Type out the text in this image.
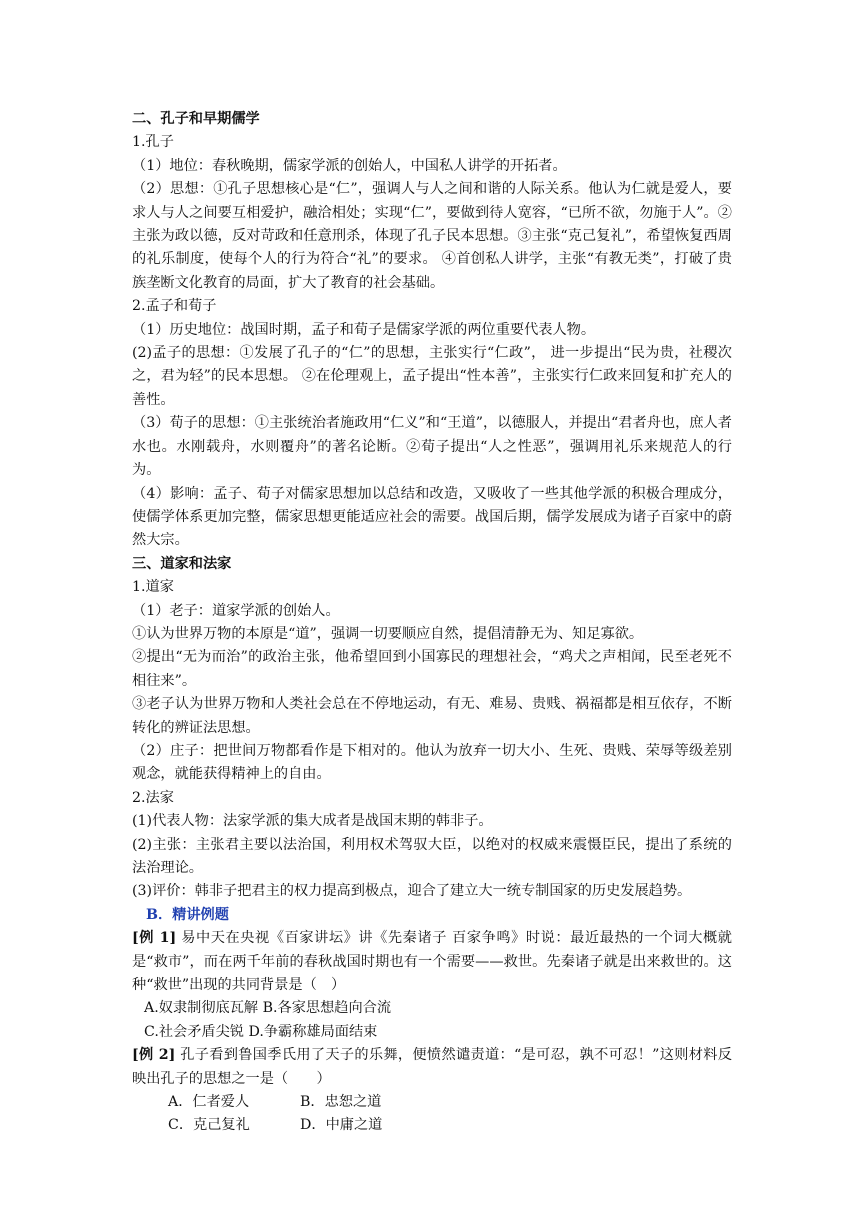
二、孔子和早期儒学

1.孔子

（1）地位：春秋晚期，儒家学派的创始人，中国私人讲学的开拓者。

（2）思想：①孔子思想核心是“仁”，强调人与人之间和谐的人际关系。他认为仁就是爱人，要求人与人之间要互相爱护，融洽相处；实现“仁”，要做到待人宽容，“已所不欲，勿施于人”。②主张为政以德，反对苛政和任意刑杀，体现了孔子民本思想。③主张“克己复礼”，希望恢复西周的礼乐制度，使每个人的行为符合“礼”的要求。 ④首创私人讲学，主张“有教无类”，打破了贵族垄断文化教育的局面，扩大了教育的社会基础。

2.孟子和荀子

（1）历史地位：战国时期，孟子和荀子是儒家学派的两位重要代表人物。

(2)孟子的思想：①发展了孔子的“仁”的思想，主张实行“仁政”， 进一步提出“民为贵，社稷次之，君为轻”的民本思想。 ②在伦理观上，孟子提出“性本善”，主张实行仁政来回复和扩充人的善性。

（3）荀子的思想：①主张统治者施政用“仁义”和“王道”，以德服人，并提出“君者舟也，庶人者水也。水刚载舟，水则覆舟”的著名论断。②荀子提出“人之性恶”，强调用礼乐来规范人的行为。

（4）影响：孟子、荀子对儒家思想加以总结和改造，又吸收了一些其他学派的积极合理成分，使儒学体系更加完整，儒家思想更能适应社会的需要。战国后期，儒学发展成为诸子百家中的蔚然大宗。

三、道家和法家

1.道家

（1）老子：道家学派的创始人。

①认为世界万物的本原是“道”，强调一切要顺应自然，提倡清静无为、知足寡欲。

②提出“无为而治”的政治主张，他希望回到小国寡民的理想社会，“鸡犬之声相闻，民至老死不相往来”。

③老子认为世界万物和人类社会总在不停地运动，有无、难易、贵贱、祸福都是相互依存，不断转化的辨证法思想。

（2）庄子：把世间万物都看作是下相对的。他认为放弃一切大小、生死、贵贱、荣辱等级差别观念，就能获得精神上的自由。

2.法家

(1)代表人物：法家学派的集大成者是战国末期的韩非子。

(2)主张：主张君主要以法治国，利用权术驾驭大臣，以绝对的权威来震慑臣民，提出了系统的法治理论。

(3)评价：韩非子把君主的权力提高到极点，迎合了建立大一统专制国家的历史发展趋势。

B．精讲例题

[例 1] 易中天在央视《百家讲坛》讲《先秦诸子 百家争鸣》时说：最近最热的一个词大概就是“救市”，而在两千年前的春秋战国时期也有一个需要——救世。先秦诸子就是出来救世的。这种“救世”出现的共同背景是（　）

A.奴隶制彻底瓦解 B.各家思想趋向合流

C.社会矛盾尖锐 D.争霸称雄局面结束

[例 2] 孔子看到鲁国季氏用了天子的乐舞，便愤然谴责道：“是可忍，孰不可忍！”这则材料反映出孔子的思想之一是（　　）

A．仁者爱人	B．忠恕之道
C．克己复礼	D．中庸之道
